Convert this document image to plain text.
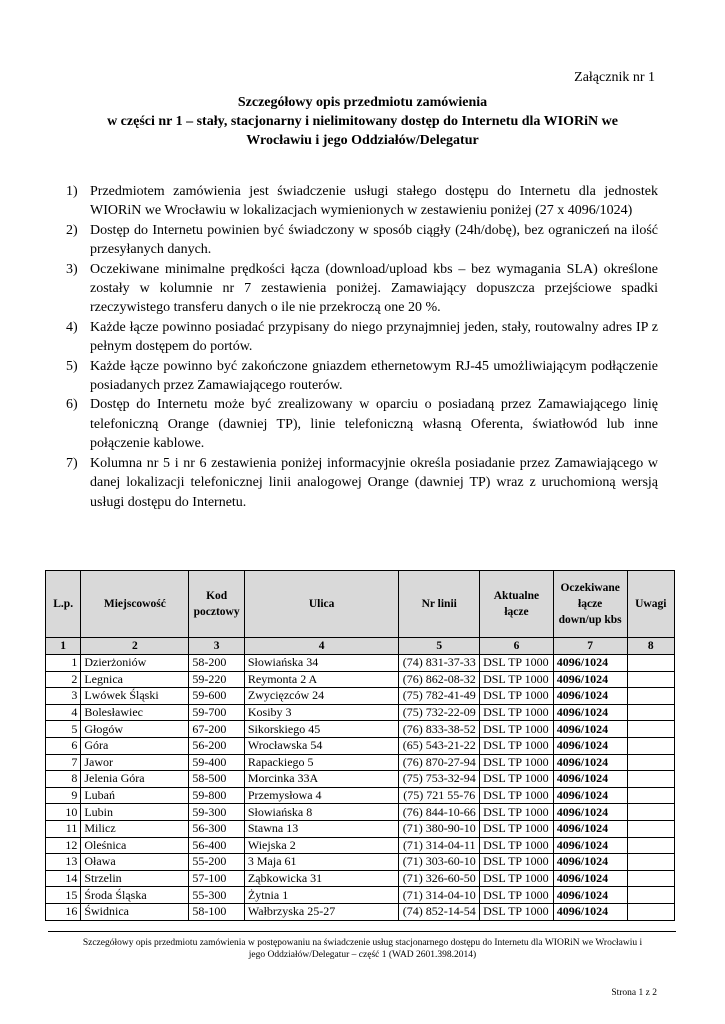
Załącznik nr 1
Szczegółowy opis przedmiotu zamówienia
w części nr 1 – stały, stacjonarny i nielimitowany dostęp do Internetu dla WIORiN we
Wrocławiu i jego Oddziałów/Delegatur
1) Przedmiotem zamówienia jest świadczenie usługi stałego dostępu do Internetu dla jednostek WIORiN we Wrocławiu w lokalizacjach wymienionych w zestawieniu poniżej (27 x 4096/1024)
2) Dostęp do Internetu powinien być świadczony w sposób ciągły (24h/dobę), bez ograniczeń na ilość przesyłanych danych.
3) Oczekiwane minimalne prędkości łącza (download/upload kbs – bez wymagania SLA) określone zostały w kolumnie nr 7 zestawienia poniżej. Zamawiający dopuszcza przejściowe spadki rzeczywistego transferu danych o ile nie przekroczą one 20 %.
4) Każde łącze powinno posiadać przypisany do niego przynajmniej jeden, stały, routowalny adres IP z pełnym dostępem do portów.
5) Każde łącze powinno być zakończone gniazdem ethernetowym RJ-45 umożliwiającym podłączenie posiadanych przez Zamawiającego routerów.
6) Dostęp do Internetu może być zrealizowany w oparciu o posiadaną przez Zamawiającego linię telefoniczną Orange (dawniej TP), linie telefoniczną własną Oferenta, światłowód lub inne połączenie kablowe.
7) Kolumna nr 5 i nr 6 zestawienia poniżej informacyjnie określa posiadanie przez Zamawiającego w danej lokalizacji telefonicznej linii analogowej Orange (dawniej TP) wraz z uruchomioną wersją usługi dostępu do Internetu.
L.p.	Miejscowość	Kod pocztowy	Ulica	Nr linii	Aktualne łącze	Oczekiwane łącze down/up kbs	Uwagi
1	2	3	4	5	6	7	8
1	Dzierżoniów	58-200	Słowiańska 34	(74) 831-37-33	DSL TP 1000	4096/1024	
2	Legnica	59-220	Reymonta 2 A	(76) 862-08-32	DSL TP 1000	4096/1024	
3	Lwówek Śląski	59-600	Zwycięzców 24	(75) 782-41-49	DSL TP 1000	4096/1024	
4	Bolesławiec	59-700	Kosiby 3	(75) 732-22-09	DSL TP 1000	4096/1024	
5	Głogów	67-200	Sikorskiego 45	(76) 833-38-52	DSL TP 1000	4096/1024	
6	Góra	56-200	Wrocławska 54	(65) 543-21-22	DSL TP 1000	4096/1024	
7	Jawor	59-400	Rapackiego 5	(76) 870-27-94	DSL TP 1000	4096/1024	
8	Jelenia Góra	58-500	Morcinka 33A	(75) 753-32-94	DSL TP 1000	4096/1024	
9	Lubań	59-800	Przemysłowa 4	(75) 721 55-76	DSL TP 1000	4096/1024	
10	Lubin	59-300	Słowiańska 8	(76) 844-10-66	DSL TP 1000	4096/1024	
11	Milicz	56-300	Stawna 13	(71) 380-90-10	DSL TP 1000	4096/1024	
12	Oleśnica	56-400	Wiejska 2	(71) 314-04-11	DSL TP 1000	4096/1024	
13	Oława	55-200	3 Maja 61	(71) 303-60-10	DSL TP 1000	4096/1024	
14	Strzelin	57-100	Ząbkowicka 31	(71) 326-60-50	DSL TP 1000	4096/1024	
15	Środa Śląska	55-300	Żytnia 1	(71) 314-04-10	DSL TP 1000	4096/1024	
16	Świdnica	58-100	Wałbrzyska 25-27	(74) 852-14-54	DSL TP 1000	4096/1024	
Szczegółowy opis przedmiotu zamówienia w postępowaniu na świadczenie usług stacjonarnego dostępu do Internetu dla WIORiN we Wrocławiu i
jego Oddziałów/Delegatur – część 1 (WAD 2601.398.2014)
Strona 1 z 2
